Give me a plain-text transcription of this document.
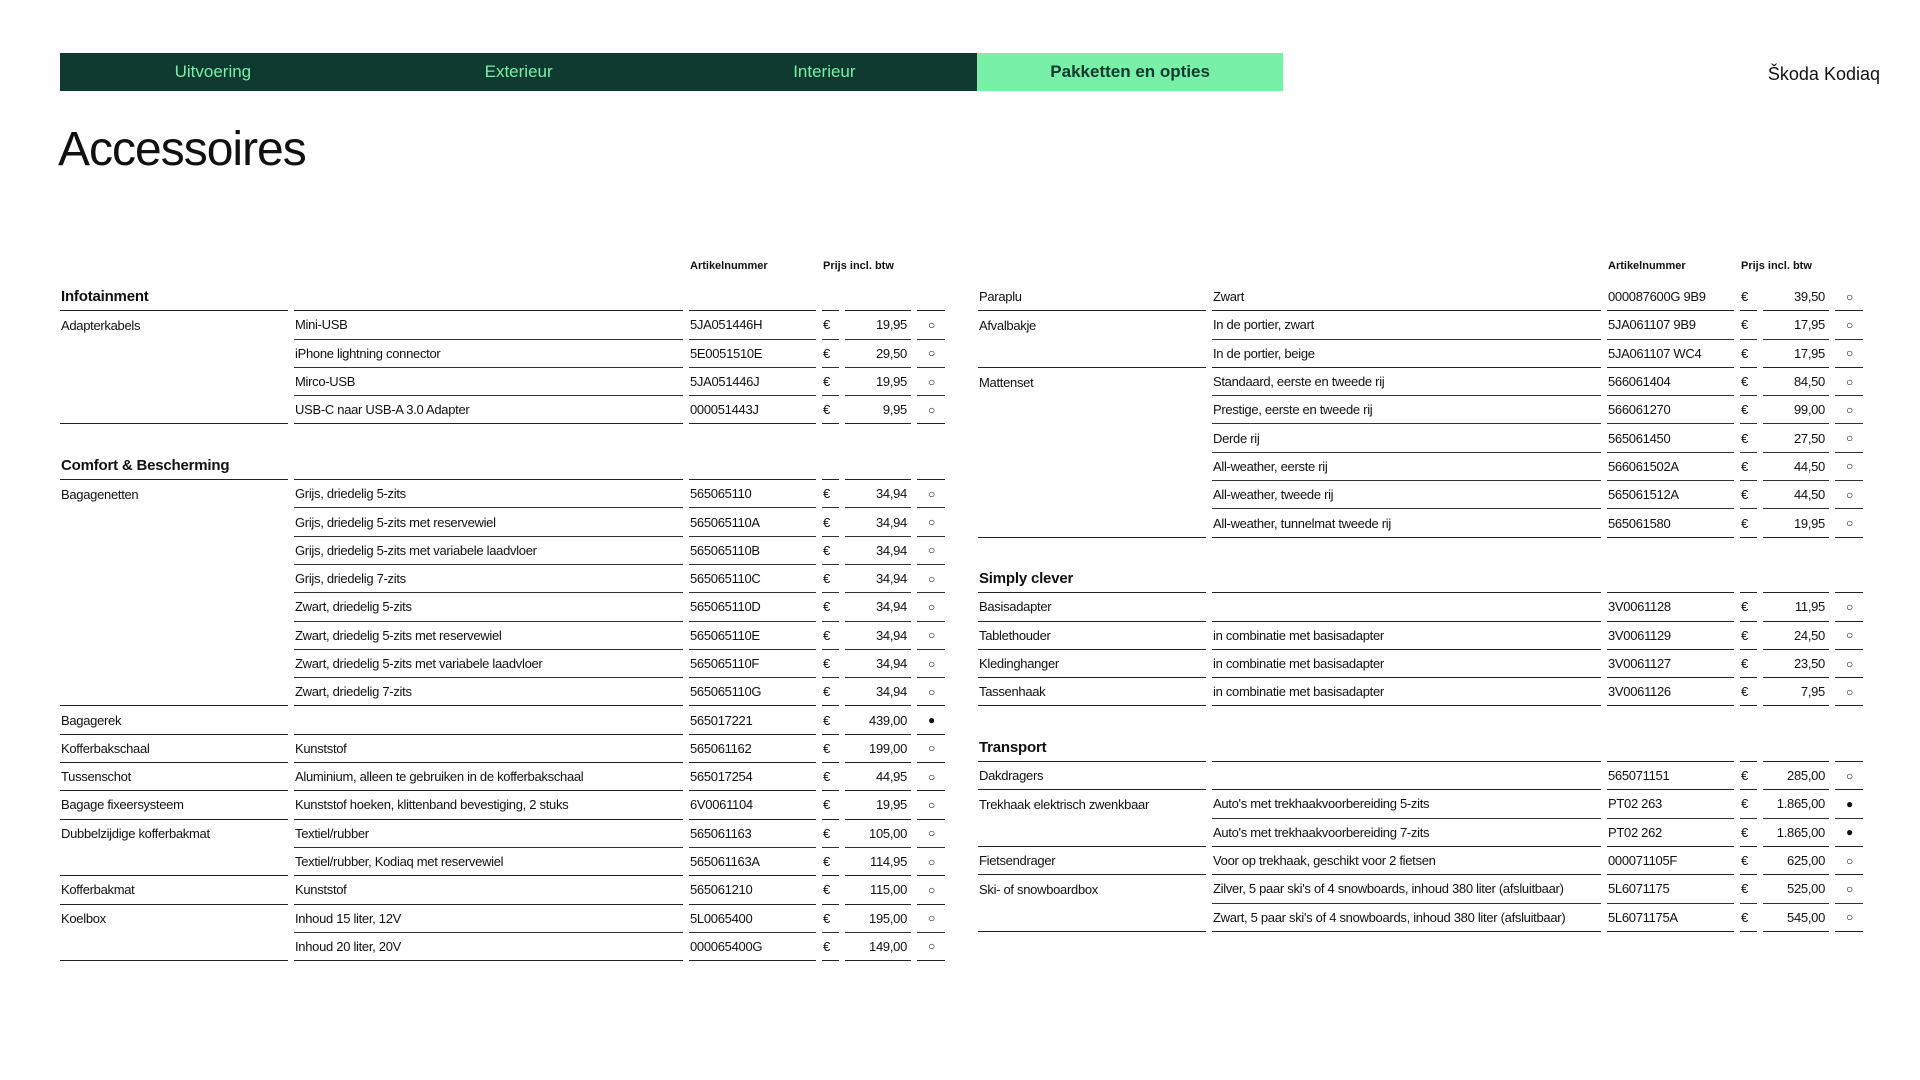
Uitvoering	Exterieur	Interieur	Pakketten en opties	Škoda Kodiaq
Accessoires
Artikelnummer	Prijs incl. btw	Artikelnummer	Prijs incl. btw
Infotainment					
Adapterkabels	Mini-USB	5JA051446H	€	19,95	○
	iPhone lightning connector	5E0051510E	€	29,50	○
	Mirco-USB	5JA051446J	€	19,95	○
	USB-C naar USB-A 3.0 Adapter	000051443J	€	9,95	○

Comfort & Bescherming					
Bagagenetten	Grijs, driedelig 5-zits	565065110	€	34,94	○
	Grijs, driedelig 5-zits met reservewiel	565065110A	€	34,94	○
	Grijs, driedelig 5-zits met variabele laadvloer	565065110B	€	34,94	○
	Grijs, driedelig 7-zits	565065110C	€	34,94	○
	Zwart, driedelig 5-zits	565065110D	€	34,94	○
	Zwart, driedelig 5-zits met reservewiel	565065110E	€	34,94	○
	Zwart, driedelig 5-zits met variabele laadvloer	565065110F	€	34,94	○
	Zwart, driedelig 7-zits	565065110G	€	34,94	○
Bagagerek		565017221	€	439,00	●
Kofferbakschaal	Kunststof	565061162	€	199,00	○
Tussenschot	Aluminium, alleen te gebruiken in de kofferbakschaal	565017254	€	44,95	○
Bagage fixeersysteem	Kunststof hoeken, klittenband bevestiging, 2 stuks	6V0061104	€	19,95	○
Dubbelzijdige kofferbakmat	Textiel/rubber	565061163	€	105,00	○
	Textiel/rubber, Kodiaq met reservewiel	565061163A	€	114,95	○
Kofferbakmat	Kunststof	565061210	€	115,00	○
Koelbox	Inhoud 15 liter, 12V	5L0065400	€	195,00	○
	Inhoud 20 liter, 20V	000065400G	€	149,00	○
Paraplu	Zwart	000087600G 9B9	€	39,50	○
Afvalbakje	In de portier, zwart	5JA061107 9B9	€	17,95	○
	In de portier, beige	5JA061107 WC4	€	17,95	○
Mattenset	Standaard, eerste en tweede rij	566061404	€	84,50	○
	Prestige, eerste en tweede rij	566061270	€	99,00	○
	Derde rij	565061450	€	27,50	○
	All-weather, eerste rij	566061502A	€	44,50	○
	All-weather, tweede rij	565061512A	€	44,50	○
	All-weather, tunnelmat tweede rij	565061580	€	19,95	○

Simply clever					
Basisadapter		3V0061128	€	11,95	○
Tablethouder	in combinatie met basisadapter	3V0061129	€	24,50	○
Kledinghanger	in combinatie met basisadapter	3V0061127	€	23,50	○
Tassenhaak	in combinatie met basisadapter	3V0061126	€	7,95	○

Transport					
Dakdragers		565071151	€	285,00	○
Trekhaak elektrisch zwenkbaar	Auto's met trekhaakvoorbereiding 5-zits	PT02 263	€	1.865,00	●
	Auto's met trekhaakvoorbereiding 7-zits	PT02 262	€	1.865,00	●
Fietsendrager	Voor op trekhaak, geschikt voor 2 fietsen	000071105F	€	625,00	○
Ski- of snowboardbox	Zilver, 5 paar ski's of 4 snowboards, inhoud 380 liter (afsluitbaar)	5L6071175	€	525,00	○
	Zwart, 5 paar ski's of 4 snowboards, inhoud 380 liter (afsluitbaar)	5L6071175A	€	545,00	○
